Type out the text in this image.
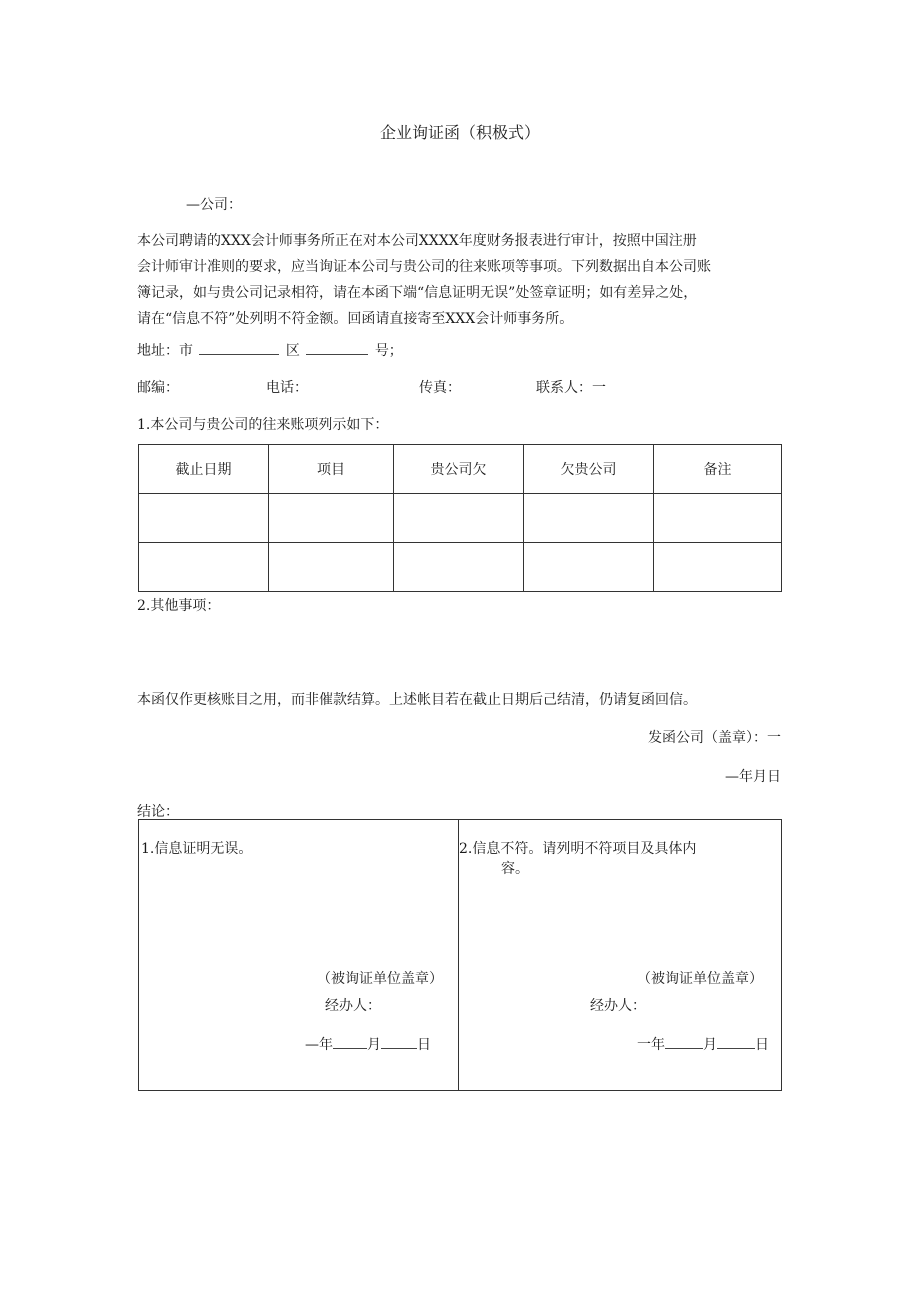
企业询证函（积极式）
—公司：

本公司聘请的XXX会计师事务所正在对本公司XXXX年度财务报表进行审计，按照中国注册

会计师审计准则的要求，应当询证本公司与贵公司的往来账项等事项。下列数据出自本公司账

簿记录，如与贵公司记录相符，请在本函下端“信息证明无误”处签章证明；如有差异之处，

请在“信息不符”处列明不符金额。回函请直接寄至XXX会计师事务所。

地址：市	区	号；
邮编：	电话：	传真：	联系人：一
1.本公司与贵公司的往来账项列示如下：
截止日期	项目	贵公司欠	欠贵公司	备注

2.其他事项：
本函仅作更核账目之用，而非催款结算。上述帐目若在截止日期后己结清，仍请复函回信。
发函公司（盖章）：一
—年月日
结论：
1.信息证明无误。
（被询证单位盖章）
经办人：
—年 月	日
2.信息不符。请列明不符项目及具体内
容。
（被询证单位盖章）
经办人：
一年	月	日
